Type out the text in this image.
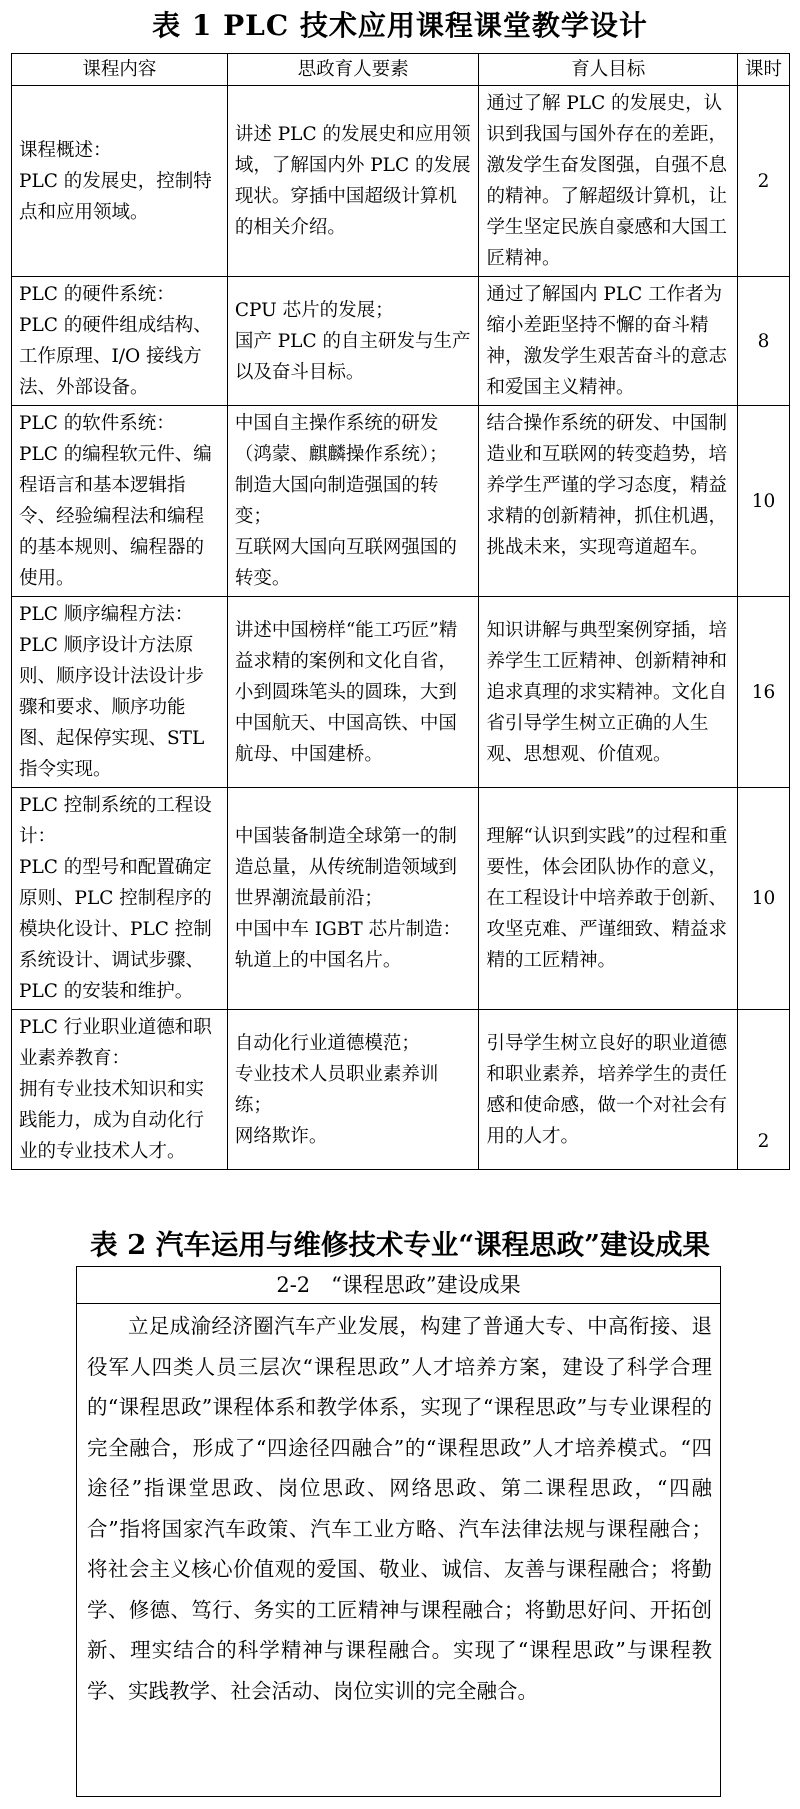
表 1 PLC 技术应用课程课堂教学设计
课程内容	思政育人要素	育人目标	课时
课程概述：
PLC 的发展史，控制特点和应用领域。	讲述 PLC 的发展史和应用领域，了解国内外 PLC 的发展现状。穿插中国超级计算机的相关介绍。	通过了解 PLC 的发展史，认识到我国与国外存在的差距，激发学生奋发图强，自强不息的精神。了解超级计算机，让学生坚定民族自豪感和大国工匠精神。	2
PLC 的硬件系统：
PLC 的硬件组成结构、工作原理、I/O 接线方法、外部设备。	CPU 芯片的发展；
国产 PLC 的自主研发与生产以及奋斗目标。	通过了解国内 PLC 工作者为缩小差距坚持不懈的奋斗精神，激发学生艰苦奋斗的意志和爱国主义精神。	8
PLC 的软件系统：
PLC 的编程软元件、编程语言和基本逻辑指令、经验编程法和编程的基本规则、编程器的使用。	中国自主操作系统的研发（鸿蒙、麒麟操作系统）；
制造大国向制造强国的转变；
互联网大国向互联网强国的转变。	结合操作系统的研发、中国制造业和互联网的转变趋势，培养学生严谨的学习态度，精益求精的创新精神，抓住机遇，挑战未来，实现弯道超车。	10
PLC 顺序编程方法：
PLC 顺序设计方法原则、顺序设计法设计步骤和要求、顺序功能图、起保停实现、STL 指令实现。	讲述中国榜样“能工巧匠”精益求精的案例和文化自省，小到圆珠笔头的圆珠，大到中国航天、中国高铁、中国航母、中国建桥。	知识讲解与典型案例穿插，培养学生工匠精神、创新精神和追求真理的求实精神。文化自省引导学生树立正确的人生观、思想观、价值观。	16
PLC 控制系统的工程设计：
PLC 的型号和配置确定原则、PLC 控制程序的模块化设计、PLC 控制系统设计、调试步骤、PLC 的安装和维护。	中国装备制造全球第一的制造总量，从传统制造领域到世界潮流最前沿；
中国中车 IGBT 芯片制造：轨道上的中国名片。	理解“认识到实践”的过程和重要性，体会团队协作的意义，在工程设计中培养敢于创新、攻坚克难、严谨细致、精益求精的工匠精神。	10
PLC 行业职业道德和职业素养教育：
拥有专业技术知识和实践能力，成为自动化行业的专业技术人才。	自动化行业道德模范；
专业技术人员职业素养训练；
网络欺诈。	引导学生树立良好的职业道德和职业素养，培养学生的责任感和使命感，做一个对社会有用的人才。	2
表 2 汽车运用与维修技术专业“课程思政”建设成果
2-2　“课程思政”建设成果
立足成渝经济圈汽车产业发展，构建了普通大专、中高衔接、退役军人四类人员三层次“课程思政”人才培养方案，建设了科学合理的“课程思政”课程体系和教学体系，实现了“课程思政”与专业课程的完全融合，形成了“四途径四融合”的“课程思政”人才培养模式。“四途径”指课堂思政、岗位思政、网络思政、第二课程思政，“四融合”指将国家汽车政策、汽车工业方略、汽车法律法规与课程融合；将社会主义核心价值观的爱国、敬业、诚信、友善与课程融合；将勤学、修德、笃行、务实的工匠精神与课程融合；将勤思好问、开拓创新、理实结合的科学精神与课程融合。实现了“课程思政”与课程教学、实践教学、社会活动、岗位实训的完全融合。
